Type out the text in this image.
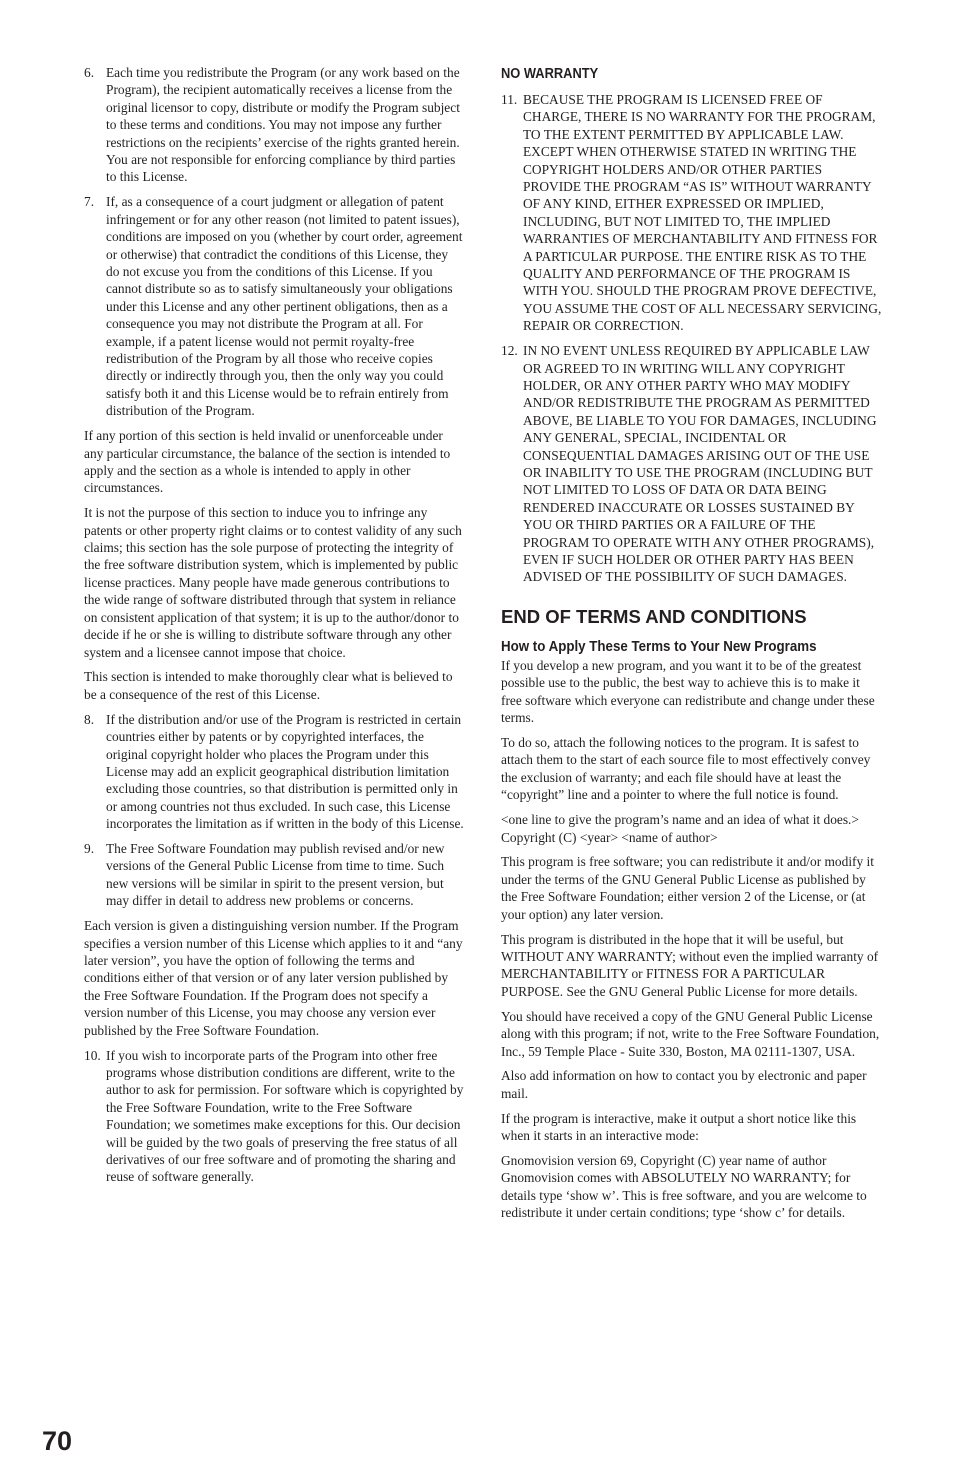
6. Each time you redistribute the Program (or any work based on the Program), the recipient automatically receives a license from the original licensor to copy, distribute or modify the Program subject to these terms and conditions. You may not impose any further restrictions on the recipients’ exercise of the rights granted herein. You are not responsible for enforcing compliance by third parties to this License.
7. If, as a consequence of a court judgment or allegation of patent infringement or for any other reason (not limited to patent issues), conditions are imposed on you (whether by court order, agreement or otherwise) that contradict the conditions of this License, they do not excuse you from the conditions of this License. If you cannot distribute so as to satisfy simultaneously your obligations under this License and any other pertinent obligations, then as a consequence you may not distribute the Program at all. For example, if a patent license would not permit royalty-free redistribution of the Program by all those who receive copies directly or indirectly through you, then the only way you could satisfy both it and this License would be to refrain entirely from distribution of the Program.

If any portion of this section is held invalid or unenforceable under any particular circumstance, the balance of the section is intended to apply and the section as a whole is intended to apply in other circumstances.

It is not the purpose of this section to induce you to infringe any patents or other property right claims or to contest validity of any such claims; this section has the sole purpose of protecting the integrity of the free software distribution system, which is implemented by public license practices. Many people have made generous contributions to the wide range of software distributed through that system in reliance on consistent application of that system; it is up to the author/donor to decide if he or she is willing to distribute software through any other system and a licensee cannot impose that choice.

This section is intended to make thoroughly clear what is believed to be a consequence of the rest of this License.

8. If the distribution and/or use of the Program is restricted in certain countries either by patents or by copyrighted interfaces, the original copyright holder who places the Program under this License may add an explicit geographical distribution limitation excluding those countries, so that distribution is permitted only in or among countries not thus excluded. In such case, this License incorporates the limitation as if written in the body of this License.
9. The Free Software Foundation may publish revised and/or new versions of the General Public License from time to time. Such new versions will be similar in spirit to the present version, but may differ in detail to address new problems or concerns.

Each version is given a distinguishing version number. If the Program specifies a version number of this License which applies to it and “any later version”, you have the option of following the terms and conditions either of that version or of any later version published by the Free Software Foundation. If the Program does not specify a version number of this License, you may choose any version ever published by the Free Software Foundation.

10. If you wish to incorporate parts of the Program into other free programs whose distribution conditions are different, write to the author to ask for permission. For software which is copyrighted by the Free Software Foundation, write to the Free Software Foundation; we sometimes make exceptions for this. Our decision will be guided by the two goals of preserving the free status of all derivatives of our free software and of promoting the sharing and reuse of software generally.
NO WARRANTY
11. BECAUSE THE PROGRAM IS LICENSED FREE OF CHARGE, THERE IS NO WARRANTY FOR THE PROGRAM, TO THE EXTENT PERMITTED BY APPLICABLE LAW. EXCEPT WHEN OTHERWISE STATED IN WRITING THE COPYRIGHT HOLDERS AND/OR OTHER PARTIES PROVIDE THE PROGRAM “AS IS” WITHOUT WARRANTY OF ANY KIND, EITHER EXPRESSED OR IMPLIED, INCLUDING, BUT NOT LIMITED TO, THE IMPLIED WARRANTIES OF MERCHANTABILITY AND FITNESS FOR A PARTICULAR PURPOSE. THE ENTIRE RISK AS TO THE QUALITY AND PERFORMANCE OF THE PROGRAM IS WITH YOU. SHOULD THE PROGRAM PROVE DEFECTIVE, YOU ASSUME THE COST OF ALL NECESSARY SERVICING, REPAIR OR CORRECTION.
12. IN NO EVENT UNLESS REQUIRED BY APPLICABLE LAW OR AGREED TO IN WRITING WILL ANY COPYRIGHT HOLDER, OR ANY OTHER PARTY WHO MAY MODIFY AND/OR REDISTRIBUTE THE PROGRAM AS PERMITTED ABOVE, BE LIABLE TO YOU FOR DAMAGES, INCLUDING ANY GENERAL, SPECIAL, INCIDENTAL OR CONSEQUENTIAL DAMAGES ARISING OUT OF THE USE OR INABILITY TO USE THE PROGRAM (INCLUDING BUT NOT LIMITED TO LOSS OF DATA OR DATA BEING RENDERED INACCURATE OR LOSSES SUSTAINED BY YOU OR THIRD PARTIES OR A FAILURE OF THE PROGRAM TO OPERATE WITH ANY OTHER PROGRAMS), EVEN IF SUCH HOLDER OR OTHER PARTY HAS BEEN ADVISED OF THE POSSIBILITY OF SUCH DAMAGES.
END OF TERMS AND CONDITIONS
How to Apply These Terms to Your New Programs

If you develop a new program, and you want it to be of the greatest possible use to the public, the best way to achieve this is to make it free software which everyone can redistribute and change under these terms.

To do so, attach the following notices to the program. It is safest to attach them to the start of each source file to most effectively convey the exclusion of warranty; and each file should have at least the “copyright” line and a pointer to where the full notice is found.

<one line to give the program’s name and an idea of what it does.>

Copyright (C) <year> <name of author>

This program is free software; you can redistribute it and/or modify it under the terms of the GNU General Public License as published by the Free Software Foundation; either version 2 of the License, or (at your option) any later version.

This program is distributed in the hope that it will be useful, but WITHOUT ANY WARRANTY; without even the implied warranty of MERCHANTABILITY or FITNESS FOR A PARTICULAR PURPOSE. See the GNU General Public License for more details.

You should have received a copy of the GNU General Public License along with this program; if not, write to the Free Software Foundation, Inc., 59 Temple Place - Suite 330, Boston, MA 02111-1307, USA.

Also add information on how to contact you by electronic and paper mail.

If the program is interactive, make it output a short notice like this when it starts in an interactive mode:

Gnomovision version 69, Copyright (C) year name of author Gnomovision comes with ABSOLUTELY NO WARRANTY; for details type ‘show w’. This is free software, and you are welcome to redistribute it under certain conditions; type ‘show c’ for details.

70
